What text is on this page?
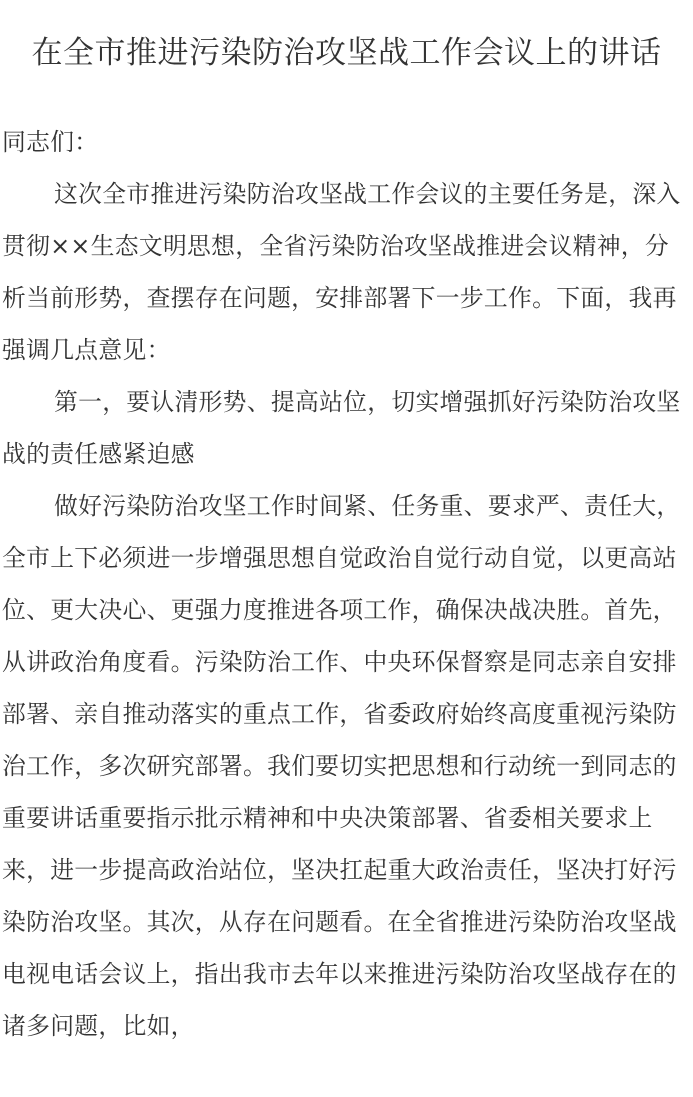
在全市推进污染防治攻坚战工作会议上的讲话

同志们：

这次全市推进污染防治攻坚战工作会议的主要任务是，深入贯彻××生态文明思想，全省污染防治攻坚战推进会议精神，分析当前形势，查摆存在问题，安排部署下一步工作。下面，我再强调几点意见：

第一，要认清形势、提高站位，切实增强抓好污染防治攻坚战的责任感紧迫感

做好污染防治攻坚工作时间紧、任务重、要求严、责任大，全市上下必须进一步增强思想自觉政治自觉行动自觉，以更高站位、更大决心、更强力度推进各项工作，确保决战决胜。首先，从讲政治角度看。污染防治工作、中央环保督察是同志亲自安排部署、亲自推动落实的重点工作，省委政府始终高度重视污染防治工作，多次研究部署。我们要切实把思想和行动统一到同志的重要讲话重要指示批示精神和中央决策部署、省委相关要求上来，进一步提高政治站位，坚决扛起重大政治责任，坚决打好污染防治攻坚。其次，从存在问题看。在全省推进污染防治攻坚战电视电话会议上，指出我市去年以来推进污染防治攻坚战存在的诸多问题，比如，
